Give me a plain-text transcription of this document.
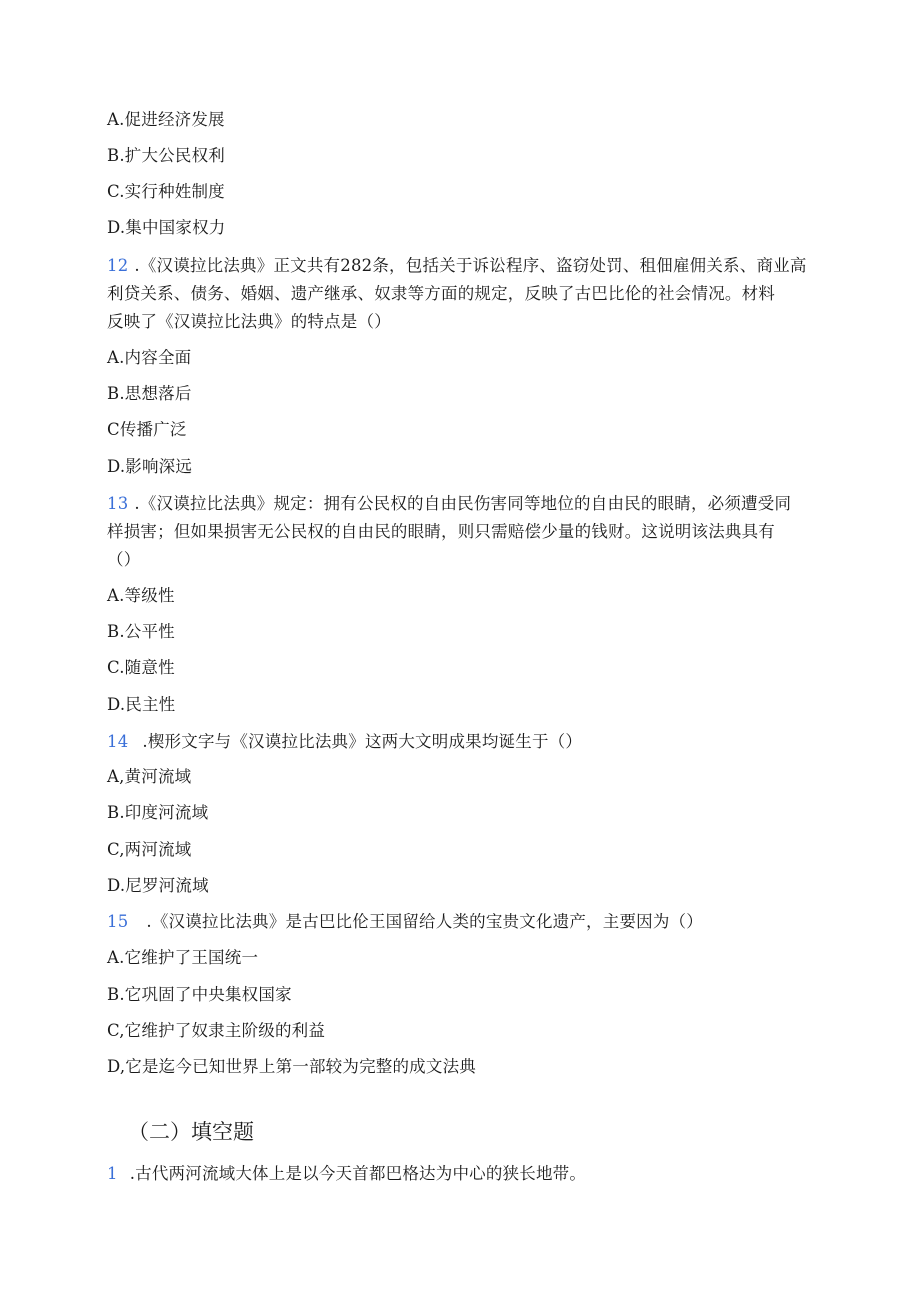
A.促进经济发展
B.扩大公民权利
C.实行种姓制度
D.集中国家权力
12 .《汉谟拉比法典》正文共有282条，包括关于诉讼程序、盗窃处罚、租佃雇佣关系、商业高
利贷关系、债务、婚姻、遗产继承、奴隶等方面的规定，反映了古巴比伦的社会情况。材料
反映了《汉谟拉比法典》的特点是（）
A.内容全面
B.思想落后
C传播广泛
D.影响深远
13 .《汉谟拉比法典》规定：拥有公民权的自由民伤害同等地位的自由民的眼睛，必须遭受同
样损害；但如果损害无公民权的自由民的眼睛，则只需赔偿少量的钱财。这说明该法典具有
（）
A.等级性
B.公平性
C.随意性
D.民主性
14 .楔形文字与《汉谟拉比法典》这两大文明成果均诞生于（）
A,黄河流域
B.印度河流域
C,两河流域
D.尼罗河流域
15 .《汉谟拉比法典》是古巴比伦王国留给人类的宝贵文化遗产，主要因为（）
A.它维护了王国统一
B.它巩固了中央集权国家
C,它维护了奴隶主阶级的利益
D,它是迄今已知世界上第一部较为完整的成文法典
（二）填空题
1 .古代两河流域大体上是以今天首都巴格达为中心的狭长地带。
